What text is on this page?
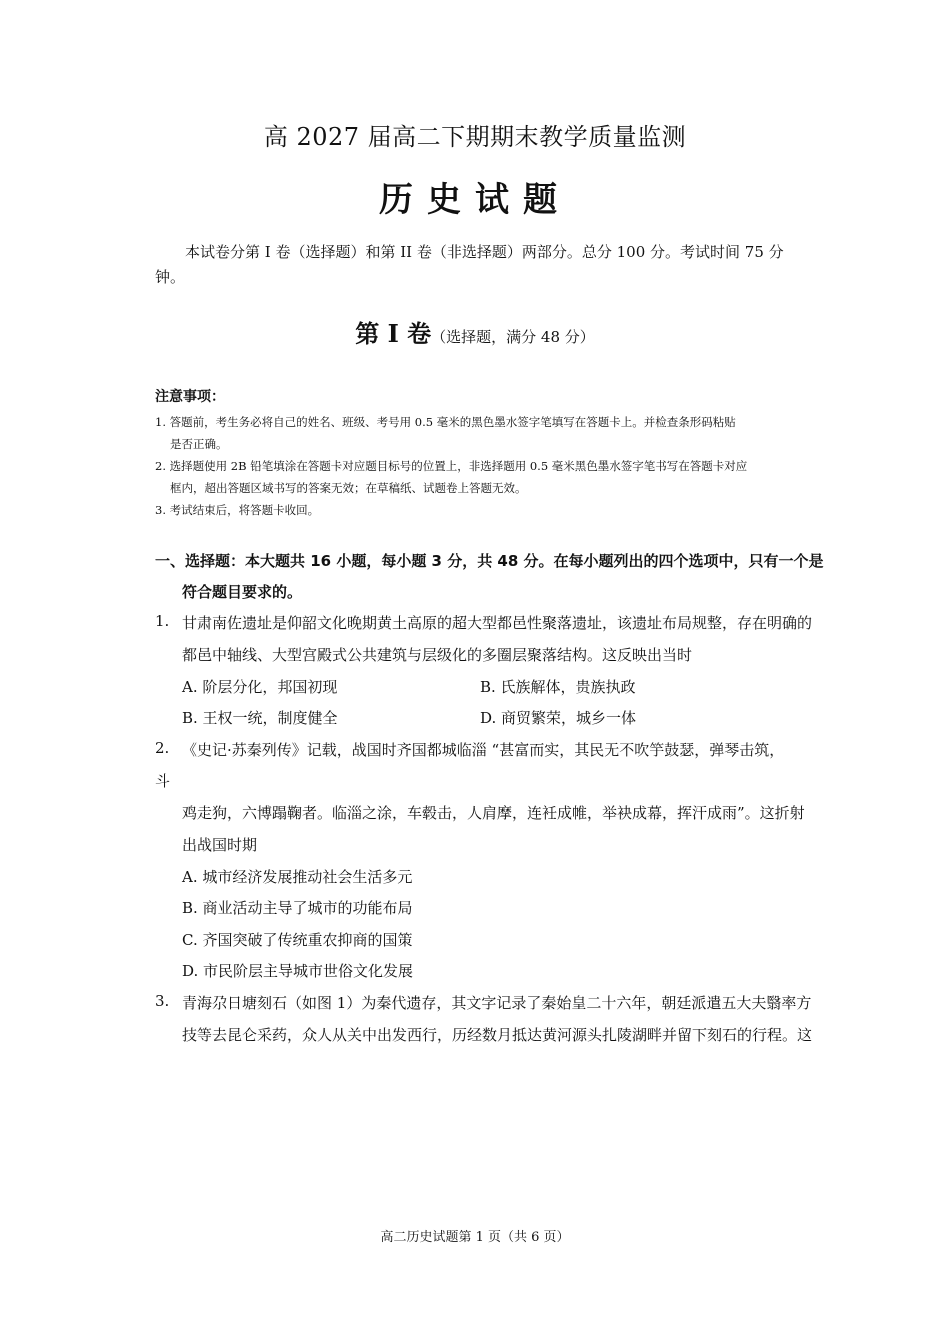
高 2027 届高二下期期末教学质量监测
历史试题
本试卷分第 I 卷（选择题）和第 II 卷（非选择题）两部分。总分 100 分。考试时间 75 分钟。
第 I 卷（选择题，满分 48 分）
注意事项：
1. 答题前，考生务必将自己的姓名、班级、考号用 0.5 毫米的黑色墨水签字笔填写在答题卡上。并检查条形码粘贴
是否正确。
2. 选择题使用 2B 铅笔填涂在答题卡对应题目标号的位置上，非选择题用 0.5 毫米黑色墨水签字笔书写在答题卡对应
框内，超出答题区域书写的答案无效；在草稿纸、试题卷上答题无效。
3. 考试结束后，将答题卡收回。
一、选择题：本大题共 16 小题，每小题 3 分，共 48 分。在每小题列出的四个选项中，只有一个是
符合题目要求的。
1. 甘肃南佐遗址是仰韶文化晚期黄土高原的超大型都邑性聚落遗址，该遗址布局规整，存在明确的
都邑中轴线、大型宫殿式公共建筑与层级化的多圈层聚落结构。这反映出当时
A. 阶层分化，邦国初现	B. 氏族解体，贵族执政
B. 王权一统，制度健全	D. 商贸繁荣，城乡一体
2. 《史记·苏秦列传》记载，战国时齐国都城临淄 “甚富而实，其民无不吹竽鼓瑟，弹琴击筑，
斗
鸡走狗，六博蹋鞠者。临淄之涂，车毂击，人肩摩，连衽成帷，举袂成幕，挥汗成雨”。这折射
出战国时期
A. 城市经济发展推动社会生活多元
B. 商业活动主导了城市的功能布局
C. 齐国突破了传统重农抑商的国策
D. 市民阶层主导城市世俗文化发展
3. 青海尕日塘刻石（如图 1）为秦代遗存，其文字记录了秦始皇二十六年，朝廷派遣五大夫翳率方
技等去昆仑采药，众人从关中出发西行，历经数月抵达黄河源头扎陵湖畔并留下刻石的行程。这
高二历史试题第 1 页（共 6 页）
